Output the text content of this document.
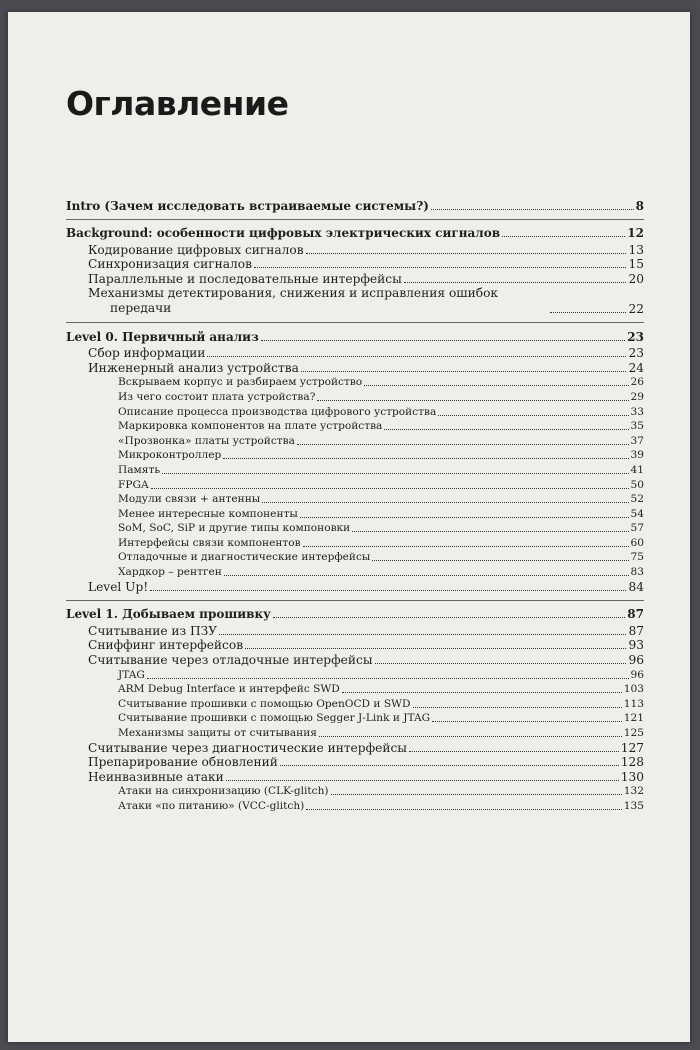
Оглавление
Intro (Зачем исследовать встраиваемые системы?)	8
Background: особенности цифровых электрических сигналов	12
Кодирование цифровых сигналов	13
Синхронизация сигналов	15
Параллельные и последовательные интерфейсы	20
Механизмы детектирования, снижения и исправления ошибок
передачи	22
Level 0. Первичный анализ	23
Сбор информации	23
Инженерный анализ устройства	24
Вскрываем корпус и разбираем устройство	26
Из чего состоит плата устройства?	29
Описание процесса производства цифрового устройства	33
Маркировка компонентов на плате устройства	35
«Прозвонка» платы устройства	37
Микроконтроллер	39
Память	41
FPGA	50
Модули связи + антенны	52
Менее интересные компоненты	54
SoM, SoC, SiP и другие типы компоновки	57
Интерфейсы связи компонентов	60
Отладочные и диагностические интерфейсы	75
Хардкор – рентген	83
Level Up!	84
Level 1. Добываем прошивку	87
Считывание из ПЗУ	87
Сниффинг интерфейсов	93
Считывание через отладочные интерфейсы	96
JTAG	96
ARM Debug Interface и интерфейс SWD	103
Считывание прошивки с помощью OpenOCD и SWD	113
Считывание прошивки с помощью Segger J-Link и JTAG	121
Механизмы защиты от считывания	125
Считывание через диагностические интерфейсы	127
Препарирование обновлений	128
Неинвазивные атаки	130
Атаки на синхронизацию (CLK-glitch)	132
Атаки «по питанию» (VCC-glitch)	135
